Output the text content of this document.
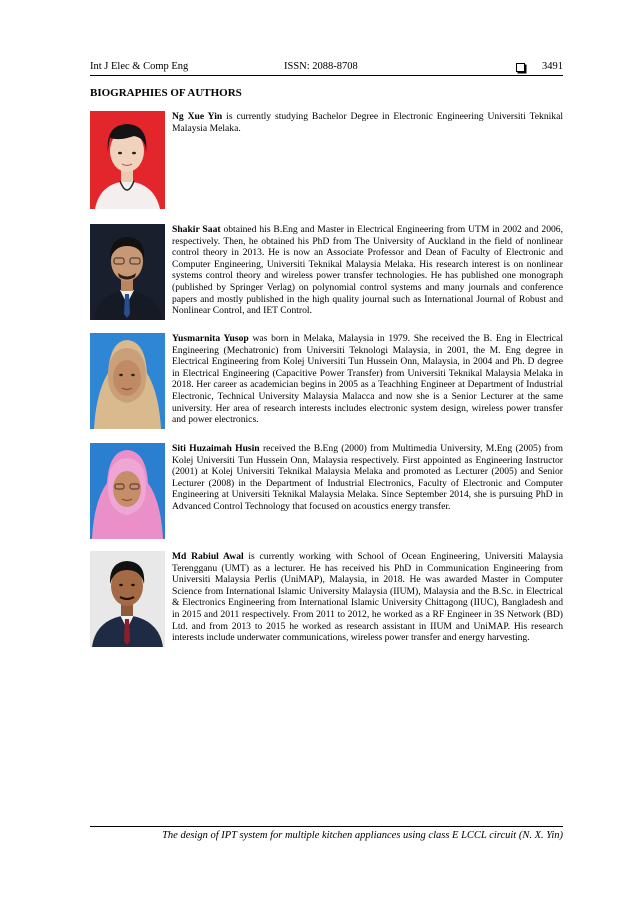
Int J Elec & Comp Eng	ISSN: 2088-8708	3491
BIOGRAPHIES OF AUTHORS
Ng Xue Yin is currently studying Bachelor Degree in Electronic Engineering Universiti Teknikal Malaysia Melaka.
Shakir Saat obtained his B.Eng and Master in Electrical Engineering from UTM in 2002 and 2006, respectively. Then, he obtained his PhD from The University of Auckland in the field of nonlinear control theory in 2013. He is now an Associate Professor and Dean of Faculty of Electronic and Computer Engineering, Universiti Teknikal Malaysia Melaka. His research interest is on nonlinear systems control theory and wireless power transfer technologies. He has published one monograph (published by Springer Verlag) on polynomial control systems and many journals and conference papers and mostly published in the high quality journal such as International Journal of Robust and Nonlinear Control, and IET Control.
Yusmarnita Yusop was born in Melaka, Malaysia in 1979. She received the B. Eng in Electrical Engineering (Mechatronic) from Universiti Teknologi Malaysia, in 2001, the M. Eng degree in Electrical Engineering from Kolej Universiti Tun Hussein Onn, Malaysia, in 2004 and Ph. D degree in Electrical Engineering (Capacitive Power Transfer) from Universiti Teknikal Malaysia Melaka in 2018. Her career as academician begins in 2005 as a Teachhing Engineer at Department of Industrial Electronic, Technical University Malaysia Malacca and now she is a Senior Lecturer at the same university. Her area of research interests includes electronic system design, wireless power transfer and power electronics.
Siti Huzaimah Husin received the B.Eng (2000) from Multimedia University, M.Eng (2005) from Kolej Universiti Tun Hussein Onn, Malaysia respectively. First appointed as Engineering Instructor (2001) at Kolej Universiti Teknikal Malaysia Melaka and promoted as Lecturer (2005) and Senior Lecturer (2008) in the Department of Industrial Electronics, Faculty of Electronic and Computer Engineering at Universiti Teknikal Malaysia Melaka. Since September 2014, she is pursuing PhD in Advanced Control Technology that focused on acoustics energy transfer.
Md Rabiul Awal is currently working with School of Ocean Engineering, Universiti Malaysia Terengganu (UMT) as a lecturer. He has received his PhD in Communication Engineering from Universiti Malaysia Perlis (UniMAP), Malaysia, in 2018. He was awarded Master in Computer Science from International Islamic University Malaysia (IIUM), Malaysia and the B.Sc. in Electrical & Electronics Engineering from International Islamic University Chittagong (IIUC), Bangladesh and in 2015 and 2011 respectively. From 2011 to 2012, he worked as a RF Engineer in 3S Network (BD) Ltd. and from 2013 to 2015 he worked as research assistant in IIUM and UniMAP. His research interests include underwater communications, wireless power transfer and energy harvesting.
The design of IPT system for multiple kitchen appliances using class E LCCL circuit (N. X. Yin)
